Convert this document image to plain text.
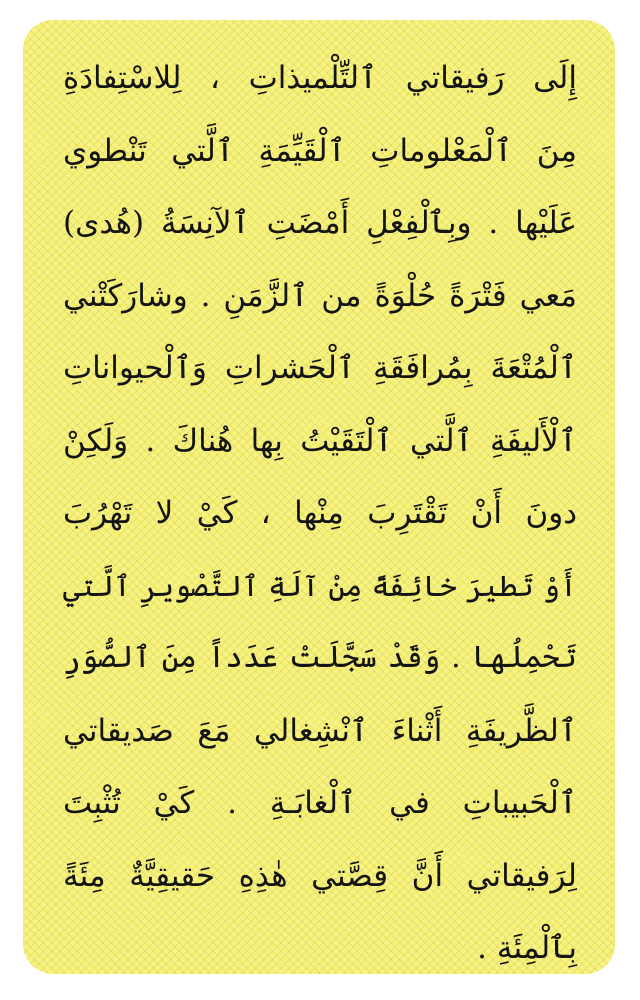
إِلَى رَفيقاتي ٱلتِّلْميذاتِ ، لِلاسْتِفادَةِ
مِنَ ٱلْمَعْلوماتِ ٱلْقَيِّمَةِ ٱلَّتي تَنْطوي
عَلَيْها . وبِٱلْفِعْلِ أَمْضَتِ ٱلآنِسَةُ (هُدى)
مَعي فَتْرَةً حُلْوَةً من ٱلزَّمَنِ . وشارَكَتْني
ٱلْمُتْعَةَ بِمُرافَقَةِ ٱلْحَشراتِ وَٱلْحيواناتِ
ٱلْأَليفَةِ ٱلَّتي ٱلْتَقَيْتُ بِها هُناكَ . وَلَكِنْ
دونَ أَنْ تَقْتَرِبَ مِنْها ، كَيْ لا تَهْرُبَ
أَوْ تَطيرَ خائِفَةً مِنْ آلَةِ ٱلتَّصْويرِ ٱلَّتي
تَحْمِلُها . وَقَدْ سَجَّلَتْ عَدَداً مِنَ ٱلصُّوَرِ
ٱلظَّريفَةِ أَثْناءَ ٱنْشِغالي مَعَ صَديقاتي
ٱلْحَبيباتِ في ٱلْغابَـةِ . كَيْ تُثْبِتَ
لِرَفيقاتي أَنَّ قِصَّتي هٰذِهِ حَقيقِيَّةٌ مِئَةً
بِٱلْمِئَةِ .
